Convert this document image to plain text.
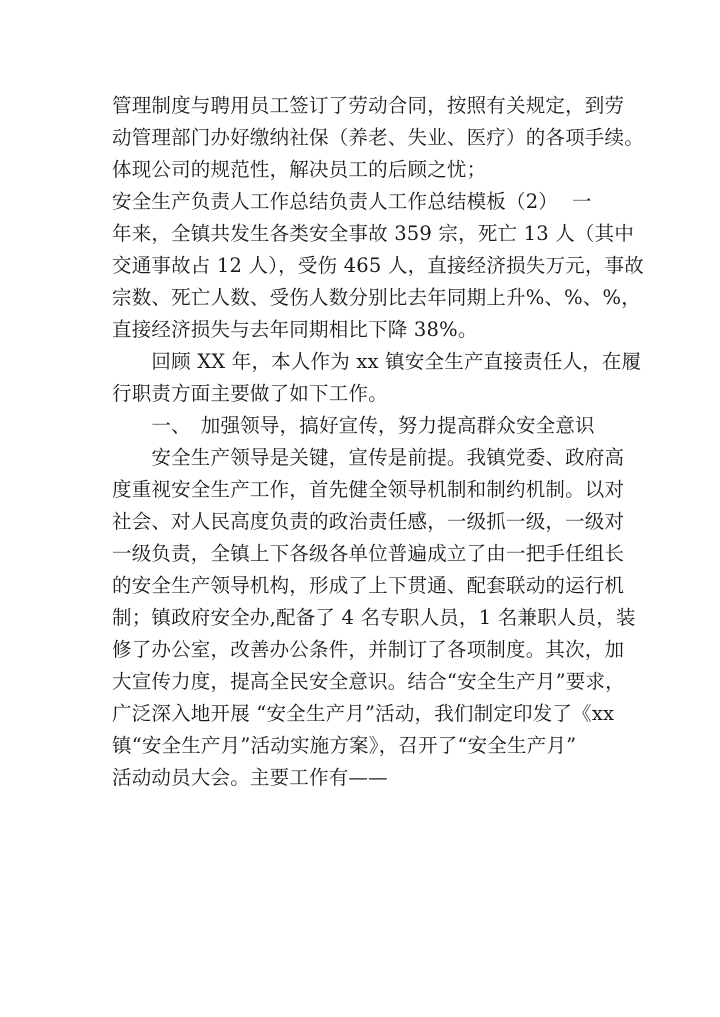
管理制度与聘用员工签订了劳动合同，按照有关规定，到劳
动管理部门办好缴纳社保（养老、失业、医疗）的各项手续。
体现公司的规范性，解决员工的后顾之忧；
安全生产负责人工作总结负责人工作总结模板（2） 一
年来，全镇共发生各类安全事故 359 宗，死亡 13 人（其中
交通事故占 12 人），受伤 465 人，直接经济损失万元，事故
宗数、死亡人数、受伤人数分别比去年同期上升%、%、%，
直接经济损失与去年同期相比下降 38%。
　　回顾 XX 年，本人作为 xx 镇安全生产直接责任人，在履
行职责方面主要做了如下工作。
　　一、　加强领导，搞好宣传，努力提高群众安全意识
　　安全生产领导是关键，宣传是前提。我镇党委、政府高
度重视安全生产工作，首先健全领导机制和制约机制。以对
社会、对人民高度负责的政治责任感，一级抓一级，一级对
一级负责，全镇上下各级各单位普遍成立了由一把手任组长
的安全生产领导机构，形成了上下贯通、配套联动的运行机
制；镇政府安全办,配备了 4 名专职人员，1 名兼职人员，装
修了办公室，改善办公条件，并制订了各项制度。其次，加
大宣传力度，提高全民安全意识。结合“安全生产月”要求，
广泛深入地开展 “安全生产月”活动，我们制定印发了《xx
镇“安全生产月”活动实施方案》，召开了“安全生产月”
活动动员大会。主要工作有——
